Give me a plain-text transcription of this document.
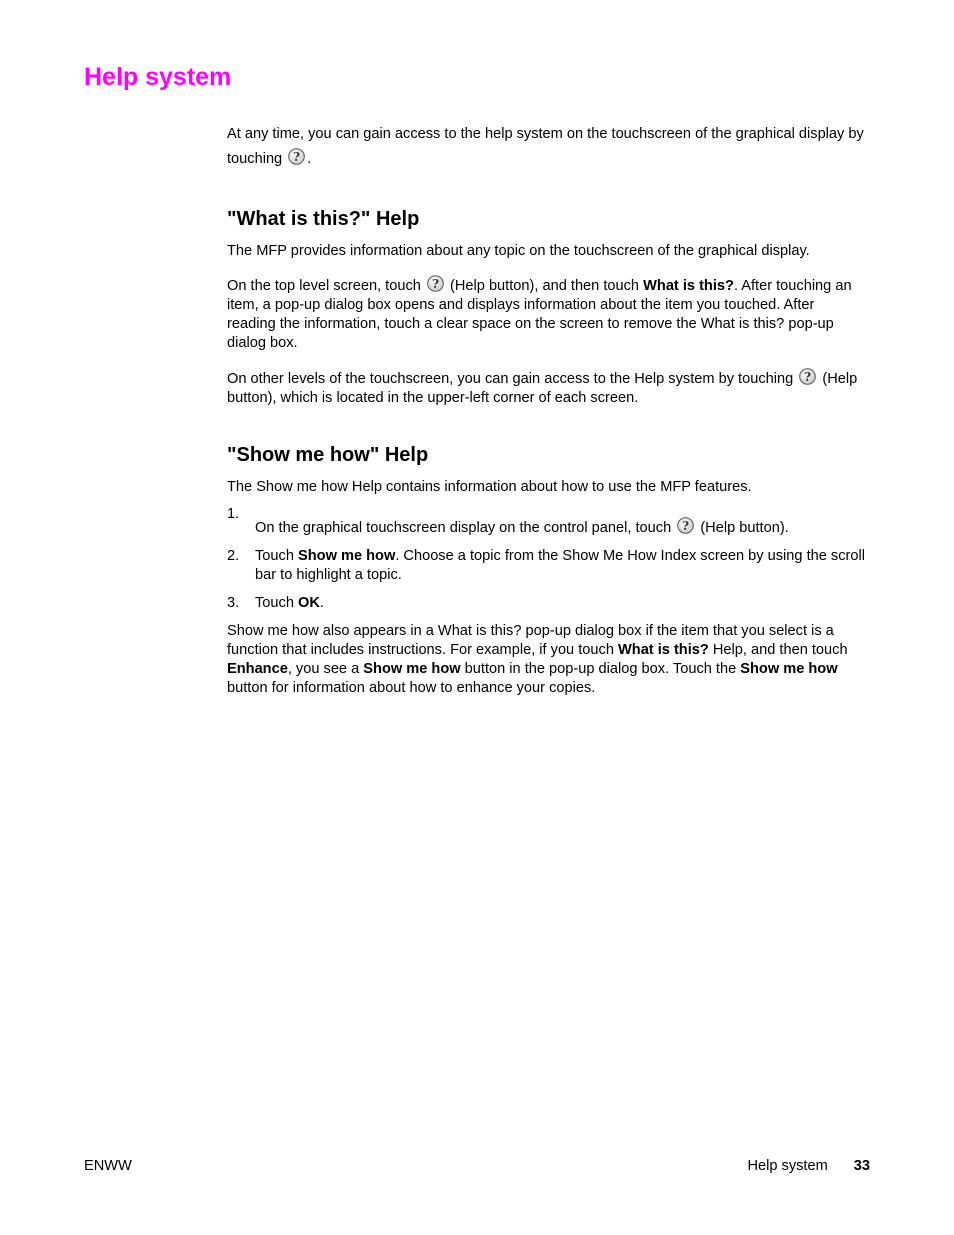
Help system

At any time, you can gain access to the help system on the touchscreen of the graphical display by touching ? .

"What is this?" Help

The MFP provides information about any topic on the touchscreen of the graphical display.

On the top level screen, touch ? (Help button), and then touch What is this?. After touching an item, a pop-up dialog box opens and displays information about the item you touched. After reading the information, touch a clear space on the screen to remove the What is this? pop-up dialog box.

On other levels of the touchscreen, you can gain access to the Help system by touching ? (Help button), which is located in the upper-left corner of each screen.

"Show me how" Help

The Show me how Help contains information about how to use the MFP features.

1.
On the graphical touchscreen display on the control panel, touch ? (Help button).
2. Touch Show me how. Choose a topic from the Show Me How Index screen by using the scroll bar to highlight a topic.
3. Touch OK.

Show me how also appears in a What is this? pop-up dialog box if the item that you select is a function that includes instructions. For example, if you touch What is this? Help, and then touch Enhance, you see a Show me how button in the pop-up dialog box. Touch the Show me how button for information about how to enhance your copies.

ENWW	Help system 33
